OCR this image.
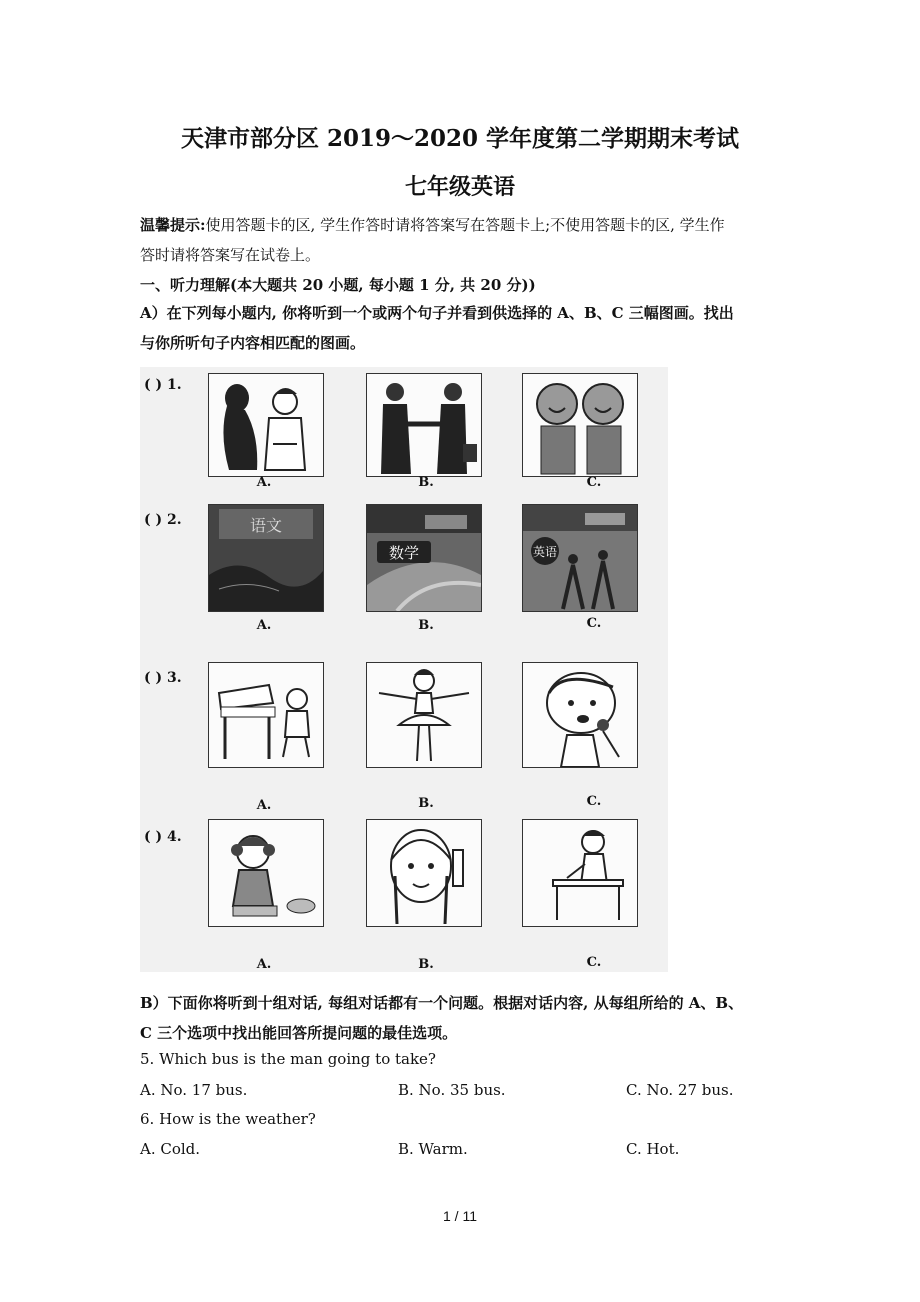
天津市部分区 2019～2020 学年度第二学期期末考试
七年级英语
温馨提示:使用答题卡的区, 学生作答时请将答案写在答题卡上;不使用答题卡的区, 学生作
答时请将答案写在试卷上。
一、听力理解(本大题共 20 小题, 每小题 1 分, 共 20 分))
A）在下列每小题内, 你将听到一个或两个句子并看到供选择的 A、B、C 三幅图画。找出
与你所听句子内容相匹配的图画。
( ) 1.
A.	B.	C.
( ) 2.	语文
数学	英语
A.	B.	C.
( ) 3.
A.	B.	C.
( ) 4.
A.	B.	C.
B）下面你将听到十组对话, 每组对话都有一个问题。根据对话内容, 从每组所给的 A、B、
C 三个选项中找出能回答所提问题的最佳选项。
5. Which bus is the man going to take?
A. No. 17 bus.	B. No. 35 bus.	C. No. 27 bus.
6. How is the weather?
A. Cold.	B. Warm.	C. Hot.
1 / 11
